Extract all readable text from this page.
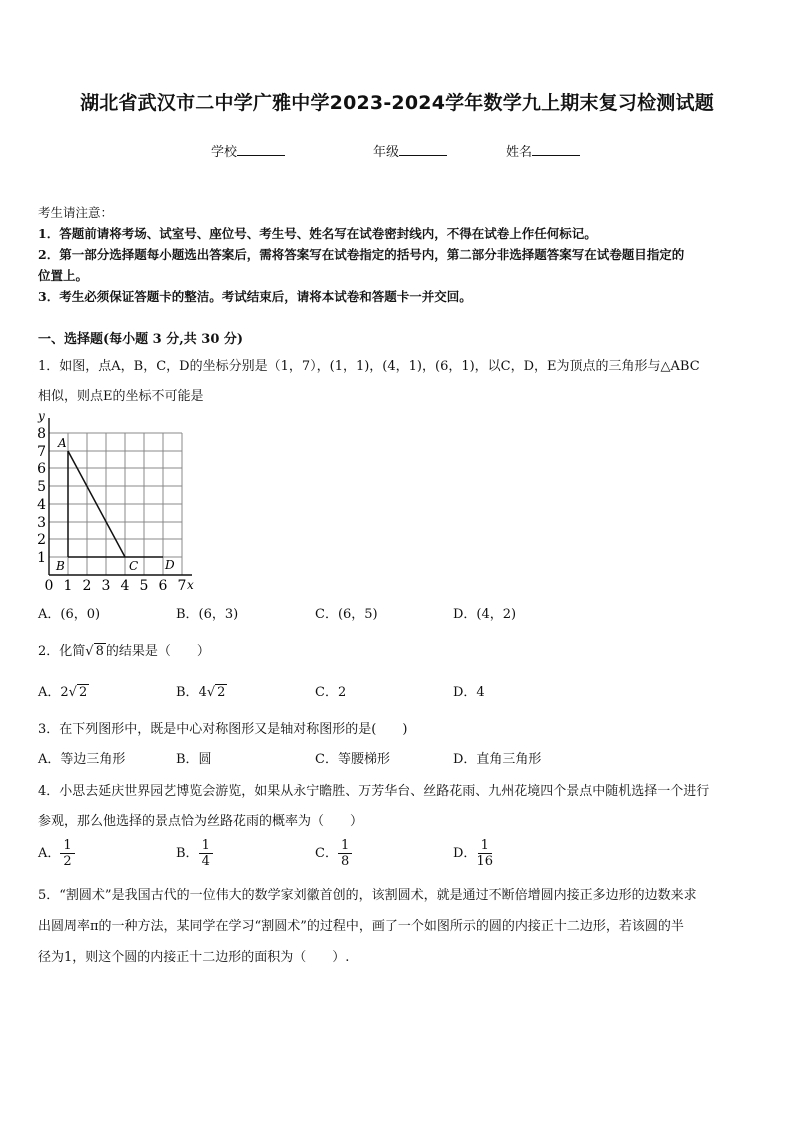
湖北省武汉市二中学广雅中学2023-2024学年数学九上期末复习检测试题
学校	年级	姓名
考生请注意：
1．答题前请将考场、试室号、座位号、考生号、姓名写在试卷密封线内，不得在试卷上作任何标记。
2．第一部分选择题每小题选出答案后，需将答案写在试卷指定的括号内，第二部分非选择题答案写在试卷题目指定的
位置上。
3．考生必须保证答题卡的整洁。考试结束后，请将本试卷和答题卡一并交回。
一、选择题(每小题 3 分,共 30 分)
1．如图，点A，B，C，D的坐标分别是（1，7），(1，1)，(4，1)，(6，1)，以C，D，E为顶点的三角形与△ABC
相似，则点E的坐标不可能是
y
x
8
7
6
5
4
3
2
1
0 1 2 3 4 5 6 7
A
B	C D
A．(6，0)	B．(6，3)	C．(6，5)	D．(4，2)
2．化简√ 8 的结果是（　　）
A．2√ 2	B．4√ 2	C．2	D．4
3．在下列图形中，既是中心对称图形又是轴对称图形的是(　　)
A．等边三角形	B．圆	C．等腰梯形	D．直角三角形
4．小思去延庆世界园艺博览会游览，如果从永宁瞻胜、万芳华台、丝路花雨、九州花境四个景点中随机选择一个进行
参观，那么他选择的景点恰为丝路花雨的概率为（　　）
A． $\frac{1}{2}$	B． $\frac{1}{4}$	C． $\frac{1}{8}$	D． $\frac{1}{16}$
5．“割圆术”是我国古代的一位伟大的数学家刘徽首创的，该割圆术，就是通过不断倍增圆内接正多边形的边数来求
出圆周率π的一种方法，某同学在学习“割圆术”的过程中，画了一个如图所示的圆的内接正十二边形，若该圆的半
径为1，则这个圆的内接正十二边形的面积为（　　）.
